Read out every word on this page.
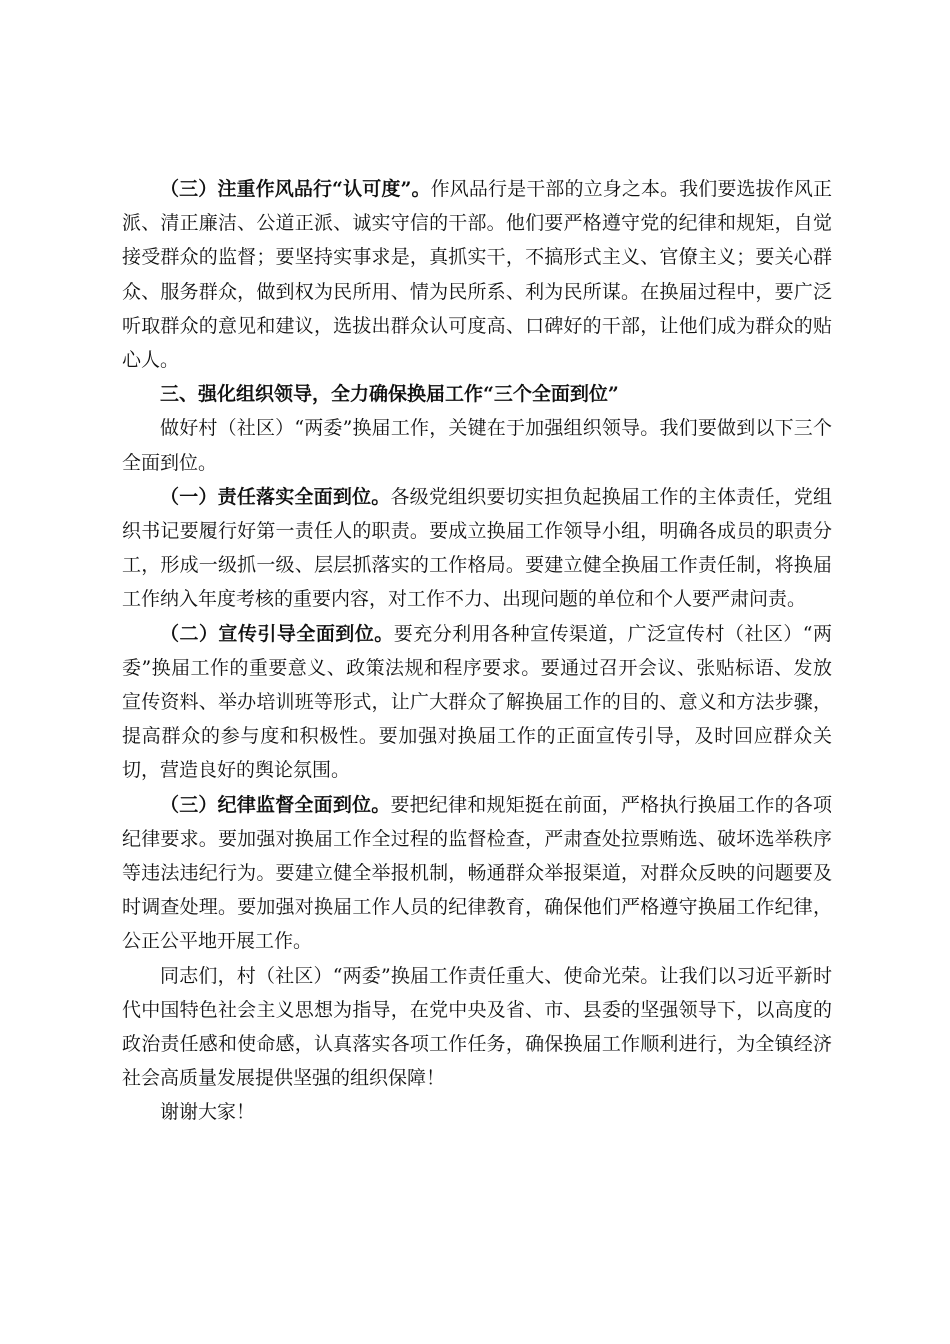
（三）注重作风品行“认可度”。作风品行是干部的立身之本。我们要选拔作风正派、清正廉洁、公道正派、诚实守信的干部。他们要严格遵守党的纪律和规矩，自觉接受群众的监督；要坚持实事求是，真抓实干，不搞形式主义、官僚主义；要关心群众、服务群众，做到权为民所用、情为民所系、利为民所谋。在换届过程中，要广泛听取群众的意见和建议，选拔出群众认可度高、口碑好的干部，让他们成为群众的贴心人。

三、强化组织领导，全力确保换届工作“三个全面到位”

做好村（社区）“两委”换届工作，关键在于加强组织领导。我们要做到以下三个全面到位。

（一）责任落实全面到位。各级党组织要切实担负起换届工作的主体责任，党组织书记要履行好第一责任人的职责。要成立换届工作领导小组，明确各成员的职责分工，形成一级抓一级、层层抓落实的工作格局。要建立健全换届工作责任制，将换届工作纳入年度考核的重要内容，对工作不力、出现问题的单位和个人要严肃问责。

（二）宣传引导全面到位。要充分利用各种宣传渠道，广泛宣传村（社区）“两委”换届工作的重要意义、政策法规和程序要求。要通过召开会议、张贴标语、发放宣传资料、举办培训班等形式，让广大群众了解换届工作的目的、意义和方法步骤，提高群众的参与度和积极性。要加强对换届工作的正面宣传引导，及时回应群众关切，营造良好的舆论氛围。

（三）纪律监督全面到位。要把纪律和规矩挺在前面，严格执行换届工作的各项纪律要求。要加强对换届工作全过程的监督检查，严肃查处拉票贿选、破坏选举秩序等违法违纪行为。要建立健全举报机制，畅通群众举报渠道，对群众反映的问题要及时调查处理。要加强对换届工作人员的纪律教育，确保他们严格遵守换届工作纪律，公正公平地开展工作。

同志们，村（社区）“两委”换届工作责任重大、使命光荣。让我们以习近平新时代中国特色社会主义思想为指导，在党中央及省、市、县委的坚强领导下，以高度的政治责任感和使命感，认真落实各项工作任务，确保换届工作顺利进行，为全镇经济社会高质量发展提供坚强的组织保障！

谢谢大家！
